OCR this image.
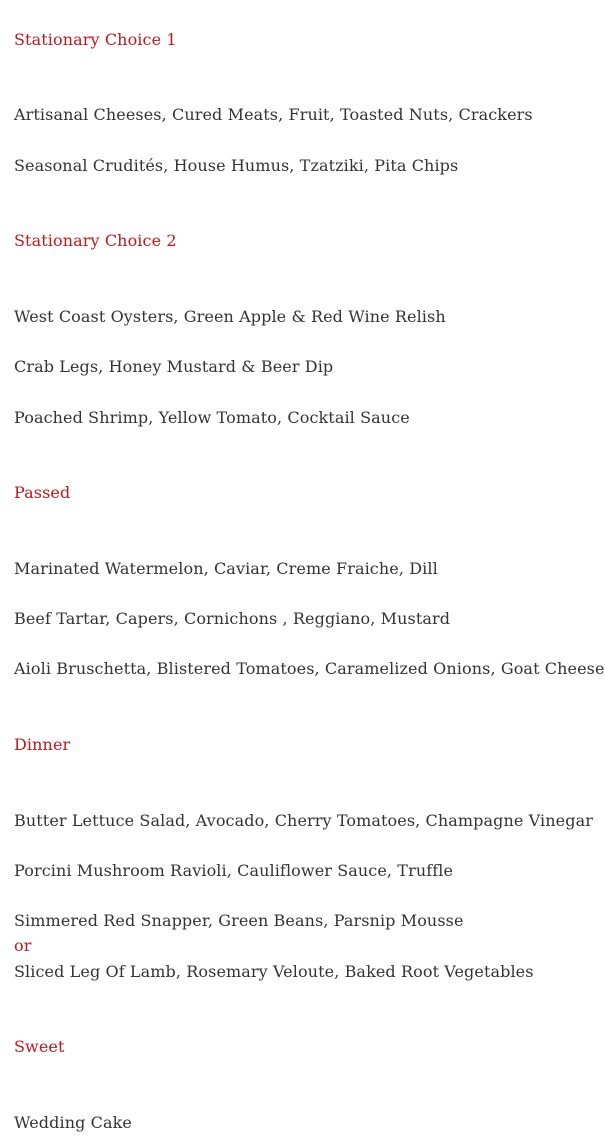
Stationary Choice 1
Artisanal Cheeses, Cured Meats, Fruit, Toasted Nuts, Crackers
Seasonal Crudités, House Humus, Tzatziki, Pita Chips
Stationary Choice 2
West Coast Oysters, Green Apple & Red Wine Relish
Crab Legs, Honey Mustard & Beer Dip
Poached Shrimp, Yellow Tomato, Cocktail Sauce
Passed
Marinated Watermelon, Caviar, Creme Fraiche, Dill
Beef Tartar, Capers, Cornichons , Reggiano, Mustard
Aioli Bruschetta, Blistered Tomatoes, Caramelized Onions, Goat Cheese
Dinner
Butter Lettuce Salad, Avocado, Cherry Tomatoes, Champagne Vinegar
Porcini Mushroom Ravioli, Cauliflower Sauce, Truffle
Simmered Red Snapper, Green Beans, Parsnip Mousse
or
Sliced Leg Of Lamb, Rosemary Veloute, Baked Root Vegetables
Sweet
Wedding Cake
